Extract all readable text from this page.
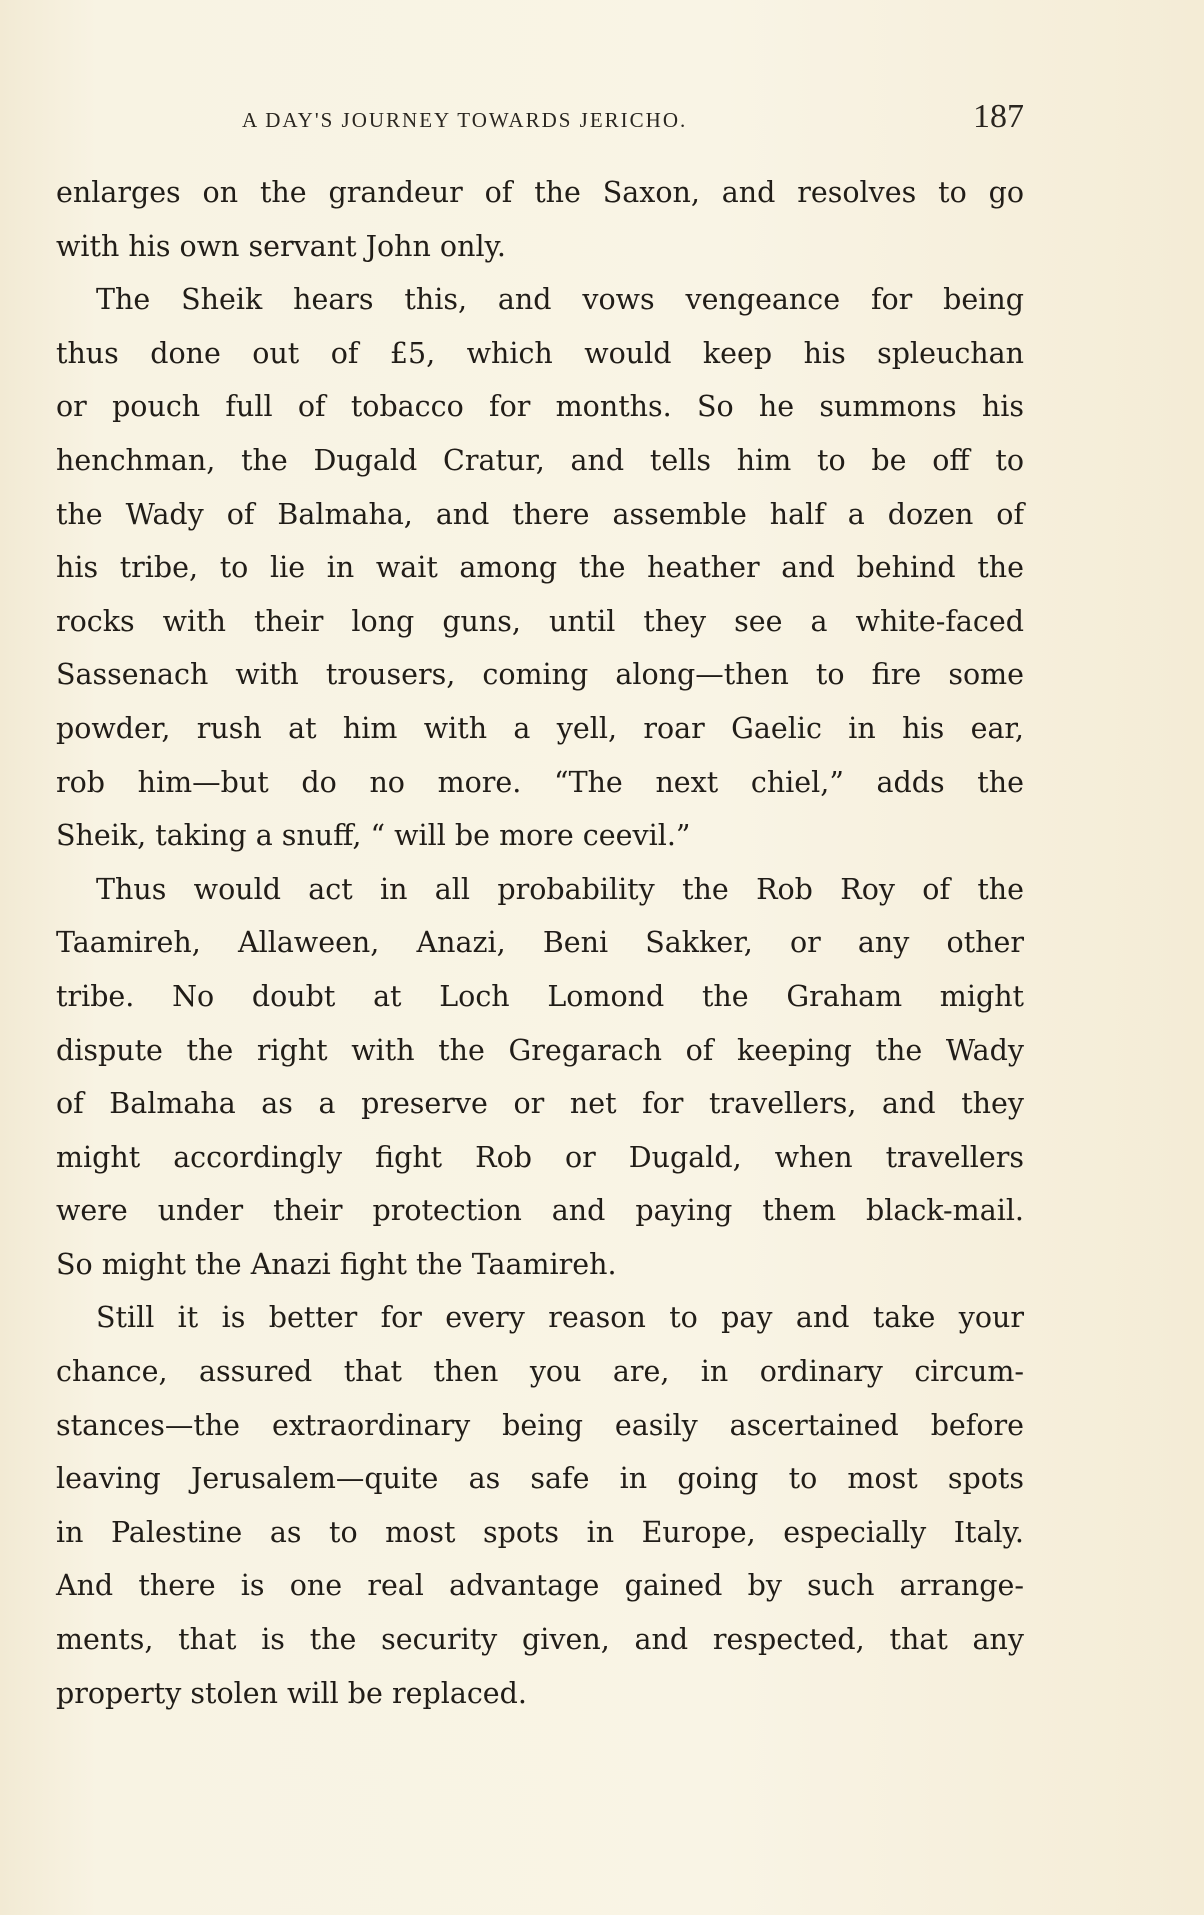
A DAY'S JOURNEY TOWARDS JERICHO.	187

enlarges on the grandeur of the Saxon, and resolves to go
with his own servant John only.

The Sheik hears this, and vows vengeance for being
thus done out of £5, which would keep his spleuchan
or pouch full of tobacco for months. So he summons his
henchman, the Dugald Cratur, and tells him to be off to
the Wady of Balmaha, and there assemble half a dozen of
his tribe, to lie in wait among the heather and behind the
rocks with their long guns, until they see a white-faced
Sassenach with trousers, coming along—then to fire some
powder, rush at him with a yell, roar Gaelic in his ear,
rob him—but do no more. “The next chiel,” adds the
Sheik, taking a snuff, “ will be more ceevil.”

Thus would act in all probability the Rob Roy of the
Taamireh, Allaween, Anazi, Beni Sakker, or any other
tribe. No doubt at Loch Lomond the Graham might
dispute the right with the Gregarach of keeping the Wady
of Balmaha as a preserve or net for travellers, and they
might accordingly fight Rob or Dugald, when travellers
were under their protection and paying them black-mail.
So might the Anazi fight the Taamireh.

Still it is better for every reason to pay and take your
chance, assured that then you are, in ordinary circum-
stances—the extraordinary being easily ascertained before
leaving Jerusalem—quite as safe in going to most spots
in Palestine as to most spots in Europe, especially Italy.
And there is one real advantage gained by such arrange-
ments, that is the security given, and respected, that any
property stolen will be replaced.
